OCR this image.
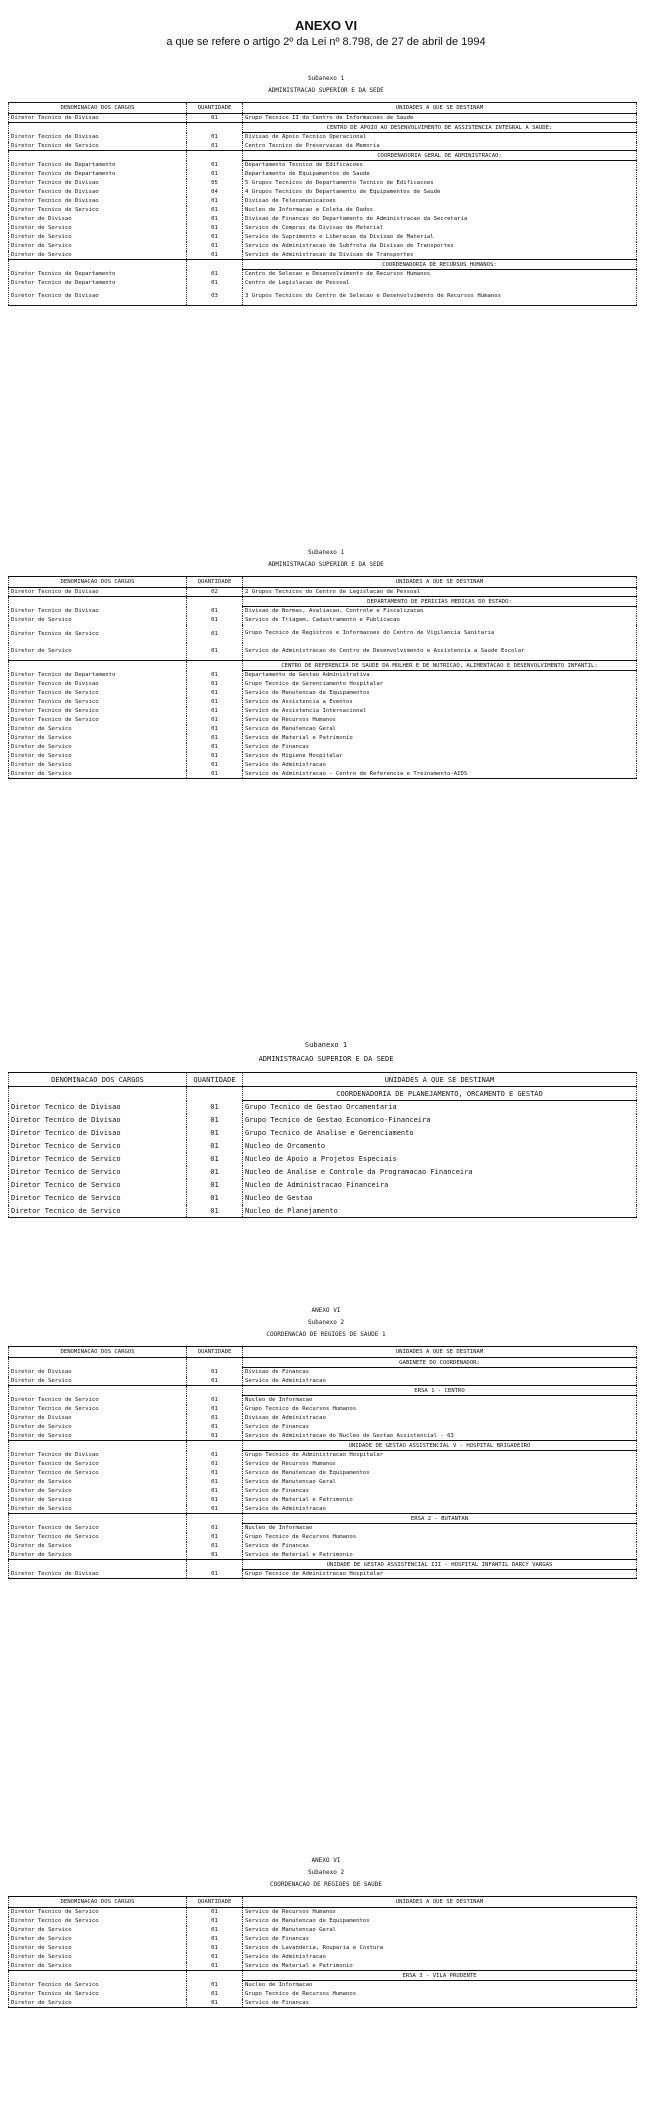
ANEXO VI
a que se refere o artigo 2º da Lei nº 8.798, de 27 de abril de 1994
Subanexo 1
ADMINISTRACAO SUPERIOR E DA SEDE
DENOMINACAO DOS CARGOS	QUANTIDADE	UNIDADES A QUE SE DESTINAM
Diretor Tecnico de Divisao	01	Grupo Tecnico II do Centro de Informacoes de Saude
		CENTRO DE APOIO AO DESENVOLVIMENTO DE ASSISTENCIA INTEGRAL A SAUDE:
Diretor Tecnico de Divisao	01	Divisao de Apoio Tecnico Operacional
Diretor Tecnico de Servico	01	Centro Tecnico de Preservacao da Memoria
		COORDENADORIA GERAL DE ADMINISTRACAO:
Diretor Tecnico de Departamento	01	Departamento Tecnico de Edificacoes
Diretor Tecnico de Departamento	01	Departamento de Equipamentos de Saude
Diretor Tecnico de Divisao	05	5 Grupos Tecnicos do Departamento Tecnico de Edificacoes
Diretor Tecnico de Divisao	04	4 Grupos Tecnicos do Departamento de Equipamentos de Saude
Diretor Tecnico de Divisao	01	Divisao de Telecomunicacoes
Diretor Tecnico de Servico	01	Nucleo de Informacao e Coleta de Dados
Diretor de Divisao	01	Divisao de Financas do Departamento de Administracao da Secretaria
Diretor de Servico	01	Servico de Compras da Divisao de Material
Diretor de Servico	01	Servico de Suprimento e Liberacao da Divisao de Material
Diretor de Servico	01	Servico de Administracao de Subfrota da Divisao de Transportes
Diretor de Servico	01	Servico de Administracao da Divisao de Transportes
		COORDENADORIA DE RECURSOS HUMANOS:
Diretor Tecnico de Departamento	01	Centro de Selecao e Desenvolvimento de Recursos Humanos
Diretor Tecnico de Departamento	01	Centro de Legislacao de Pessoal
Diretor Tecnico de Divisao	03	3 Grupos Tecnicos do Centro de Selecao e Desenvolvimento de Recursos Humanos
Subanexo 1
ADMINISTRACAO SUPERIOR E DA SEDE
DENOMINACAO DOS CARGOS	QUANTIDADE	UNIDADES A QUE SE DESTINAM
Diretor Tecnico de Divisao	02	2 Grupos Tecnicos do Centro de Legislacao de Pessoal
		DEPARTAMENTO DE PERICIAS MEDICAS DO ESTADO:
Diretor Tecnico de Divisao	01	Divisao de Normas, Avaliacao, Controle e Fiscalizacao
Diretor de Servico	01	Servico de Triagem, Cadastramento e Publicacao
Diretor Tecnico de Servico	01	Grupo Tecnico de Registros e Informacoes do Centro de Vigilancia Sanitaria
Diretor de Servico	01	Servico de Administracao do Centro de Desenvolvimento e Assistencia a Saude Escolar
		CENTRO DE REFERENCIA DE SAUDE DA MULHER E DE NUTRICAO, ALIMENTACAO E DESENVOLVIMENTO INFANTIL:
Diretor Tecnico de Departamento	01	Departamento de Gestao Administrativa
Diretor Tecnico de Divisao	01	Grupo Tecnico de Gerenciamento Hospitalar
Diretor Tecnico de Servico	01	Servico de Manutencao de Equipamentos
Diretor Tecnico de Servico	01	Servico de Assistencia a Eventos
Diretor Tecnico de Servico	01	Servico de Assistencia Internacional
Diretor Tecnico de Servico	01	Servico de Recursos Humanos
Diretor de Servico	01	Servico de Manutencao Geral
Diretor de Servico	01	Servico de Material e Patrimonio
Diretor de Servico	01	Servico de Financas
Diretor de Servico	01	Servico de Higiene Hospitalar
Diretor de Servico	01	Servico de Administracao
Diretor de Servico	01	Servico de Administracao - Centro de Referencia e Treinamento-AIDS
Subanexo 1
ADMINISTRACAO SUPERIOR E DA SEDE
DENOMINACAO DOS CARGOS	QUANTIDADE	UNIDADES A QUE SE DESTINAM
		COORDENADORIA DE PLANEJAMENTO, ORCAMENTO E GESTAO
Diretor Tecnico de Divisao	01	Grupo Tecnico de Gestao Orcamentaria
Diretor Tecnico de Divisao	01	Grupo Tecnico de Gestao Economico-Financeira
Diretor Tecnico de Divisao	01	Grupo Tecnico de Analise e Gerenciamento
Diretor Tecnico de Servico	01	Nucleo de Orcamento
Diretor Tecnico de Servico	01	Nucleo de Apoio a Projetos Especiais
Diretor Tecnico de Servico	01	Nucleo de Analise e Controle da Programacao Financeira
Diretor Tecnico de Servico	01	Nucleo de Administracao Financeira
Diretor Tecnico de Servico	01	Nucleo de Gestao
Diretor Tecnico de Servico	01	Nucleo de Planejamento
ANEXO VI
Subanexo 2
COORDENACAO DE REGIOES DE SAUDE 1
DENOMINACAO DOS CARGOS	QUANTIDADE	UNIDADES A QUE SE DESTINAM
		GABINETE DO COORDENADOR:
Diretor de Divisao	01	Divisao de Financas
Diretor de Servico	01	Servico de Administracao
		ERSA 1 - CENTRO
Diretor Tecnico de Servico	01	Nucleo de Informacao
Diretor Tecnico de Servico	01	Grupo Tecnico de Recursos Humanos
Diretor de Divisao	01	Divisao de Administracao
Diretor de Servico	01	Servico de Financas
Diretor de Servico	01	Servico de Administracao do Nucleo de Gestao Assistencial - 63
		UNIDADE DE GESTAO ASSISTENCIAL V - HOSPITAL BRIGADEIRO
Diretor Tecnico de Divisao	01	Grupo Tecnico de Administracao Hospitalar
Diretor Tecnico de Servico	01	Servico de Recursos Humanos
Diretor Tecnico de Servico	01	Servico de Manutencao de Equipamentos
Diretor de Servico	01	Servico de Manutencao Geral
Diretor de Servico	01	Servico de Financas
Diretor de Servico	01	Servico de Material e Patrimonio
Diretor de Servico	01	Servico de Administracao
		ERSA 2 - BUTANTAN
Diretor Tecnico de Servico	01	Nucleo de Informacao
Diretor Tecnico de Servico	01	Grupo Tecnico de Recursos Humanos
Diretor de Servico	01	Servico de Financas
Diretor de Servico	01	Servico de Material e Patrimonio
		UNIDADE DE GESTAO ASSISTENCIAL III - HOSPITAL INFANTIL DARCY VARGAS
Diretor Tecnico de Divisao	01	Grupo Tecnico de Administracao Hospitalar
ANEXO VI
Subanexo 2
COORDENACAO DE REGIOES DE SAUDE
DENOMINACAO DOS CARGOS	QUANTIDADE	UNIDADES A QUE SE DESTINAM
Diretor Tecnico de Servico	01	Servico de Recursos Humanos
Diretor Tecnico de Servico	01	Servico de Manutencao de Equipamentos
Diretor de Servico	01	Servico de Manutencao Geral
Diretor de Servico	01	Servico de Financas
Diretor de Servico	01	Servico de Lavanderia, Rouparia e Costura
Diretor de Servico	01	Servico de Administracao
Diretor de Servico	01	Servico de Material e Patrimonio
		ERSA 3 - VILA PRUDENTE
Diretor Tecnico de Servico	01	Nucleo de Informacao
Diretor Tecnico de Servico	01	Grupo Tecnico de Recursos Humanos
Diretor de Servico	01	Servico de Financas
